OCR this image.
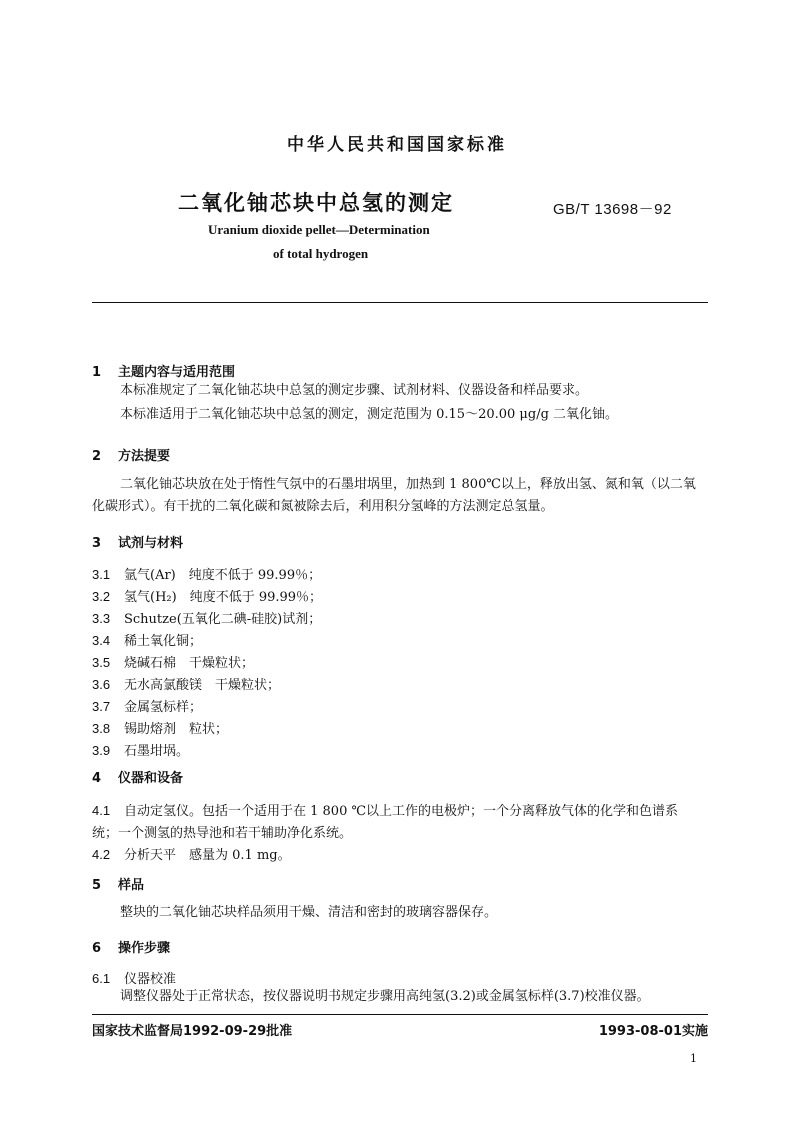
中华人民共和国国家标准
二氧化铀芯块中总氢的测定	GB/T 13698－92
Uranium dioxide pellet—Determination
of total hydrogen
1 主题内容与适用范围
本标准规定了二氧化铀芯块中总氢的测定步骤、试剂材料、仪器设备和样品要求。
本标准适用于二氧化铀芯块中总氢的测定，测定范围为 0.15～20.00 μg/g 二氧化铀。
2 方法提要
二氧化铀芯块放在处于惰性气氛中的石墨坩埚里，加热到 1 800℃以上，释放出氢、氮和氧（以二氧
化碳形式）。有干扰的二氧化碳和氮被除去后，利用积分氢峰的方法测定总氢量。
3 试剂与材料
3.1 氩气(Ar)　纯度不低于 99.99％；
3.2 氢气(H₂)　纯度不低于 99.99％；
3.3 Schutze(五氧化二碘-硅胶)试剂；
3.4 稀土氧化铜；
3.5 烧碱石棉　干燥粒状；
3.6 无水高氯酸镁　干燥粒状；
3.7 金属氢标样；
3.8 锡助熔剂　粒状；
3.9 石墨坩埚。
4 仪器和设备
4.1 自动定氢仪。包括一个适用于在 1 800 ℃以上工作的电极炉；一个分离释放气体的化学和色谱系
统；一个测氢的热导池和若干辅助净化系统。
4.2 分析天平　感量为 0.1 mg。
5 样品
整块的二氧化铀芯块样品须用干燥、清洁和密封的玻璃容器保存。
6 操作步骤
6.1 仪器校准
调整仪器处于正常状态，按仪器说明书规定步骤用高纯氢(3.2)或金属氢标样(3.7)校准仪器。
国家技术监督局1992-09-29批准	1993-08-01实施
1
